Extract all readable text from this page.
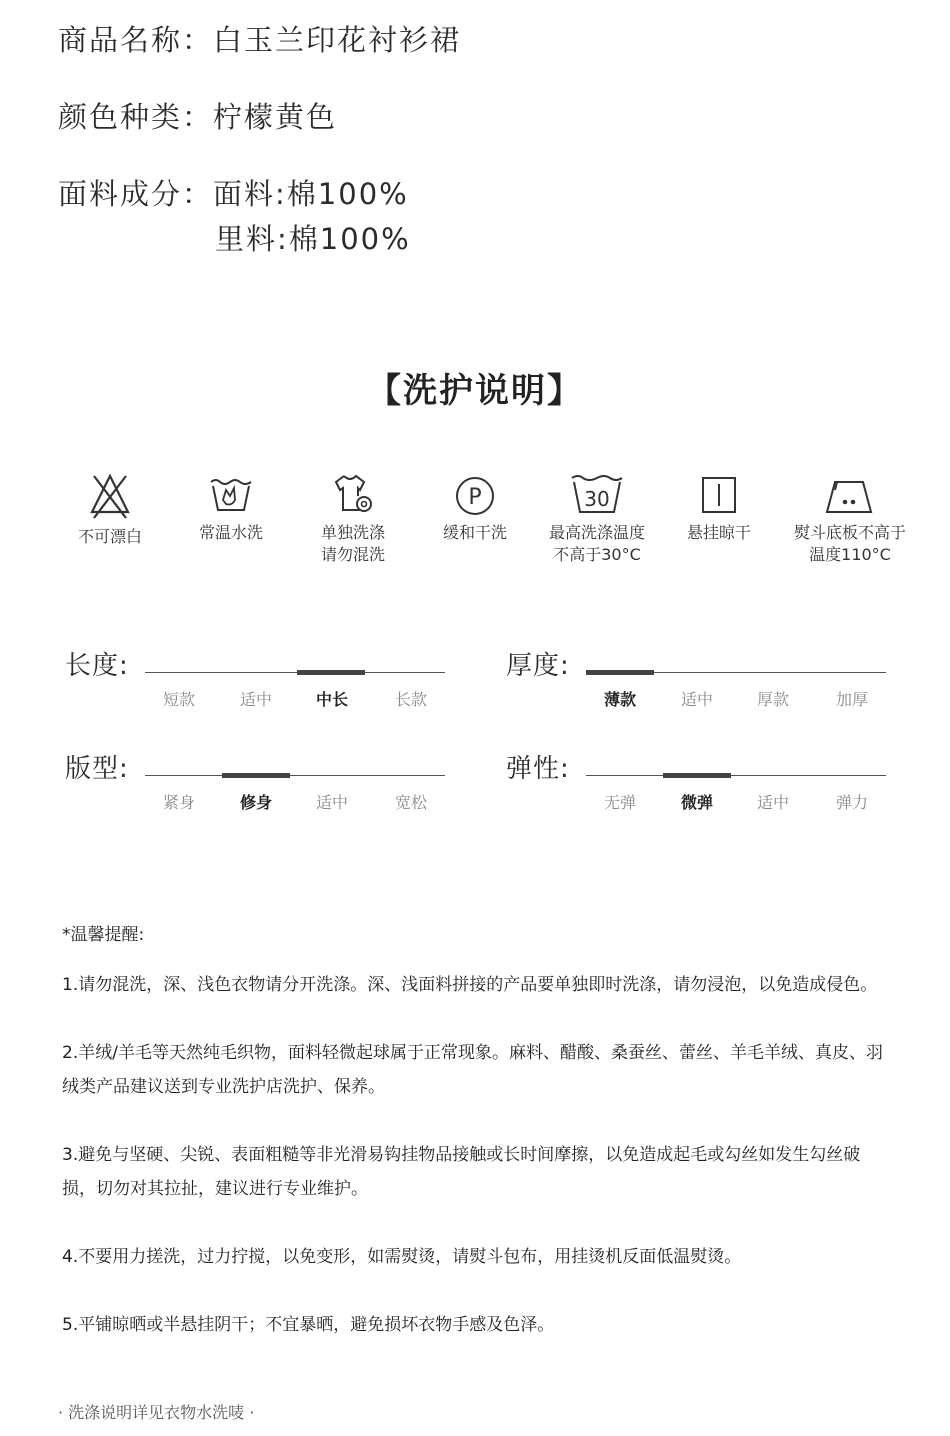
商品名称：白玉兰印花衬衫裙
颜色种类：柠檬黄色
面料成分：面料:棉100%
里料:棉100%
【洗护说明】
不可漂白	常温水洗	单独洗涤
请勿混洗
P
缓和干洗
30
最高洗涤温度
不高于30°C
悬挂晾干	熨斗底板不高于
温度110°C
长度:
短款	适中	中长	长款
厚度:
薄款	适中	厚款	加厚
版型:
紧身	修身	适中	宽松
弹性:
无弹	微弹	适中	弹力
*温馨提醒:
1.请勿混洗，深、浅色衣物请分开洗涤。深、浅面料拼接的产品要单独即时洗涤，请勿浸泡，以免造成侵色。
2.羊绒/羊毛等天然纯毛织物，面料轻微起球属于正常现象。麻料、醋酸、桑蚕丝、蕾丝、羊毛羊绒、真皮、羽绒类产品建议送到专业洗护店洗护、保养。
3.避免与坚硬、尖锐、表面粗糙等非光滑易钩挂物品接触或长时间摩擦，以免造成起毛或勾丝如发生勾丝破损，切勿对其拉扯，建议进行专业维护。
4.不要用力搓洗，过力拧搅，以免变形，如需熨烫，请熨斗包布，用挂烫机反面低温熨烫。
5.平铺晾晒或半悬挂阴干；不宜暴晒，避免损坏衣物手感及色泽。
· 洗涤说明详见衣物水洗唛 ·
